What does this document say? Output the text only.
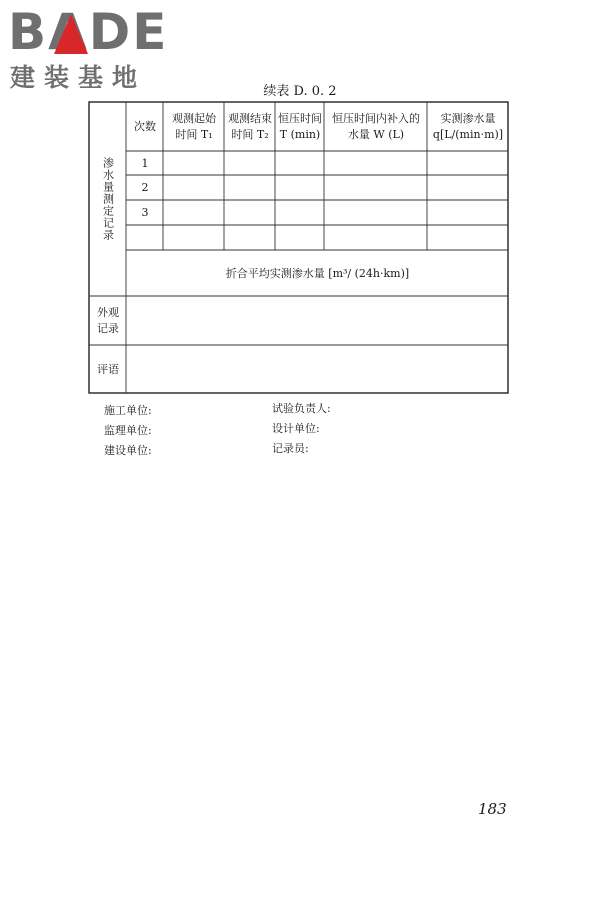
BADE
建装基地	续表 D. 0. 2
渗水量测定记录
次数
观测起始
时间 T₁
观测结束
时间 T₂
恒压时间
T (min)
恒压时间内补入的
水量 W (L)
实测渗水量
q[L/(min·m)]
1
2
3
折合平均实测渗水量 [m³/ (24h·km)]
外观
记录
评语
施工单位:
监理单位:
建设单位:
试验负责人:
设计单位:
记录员:
183
